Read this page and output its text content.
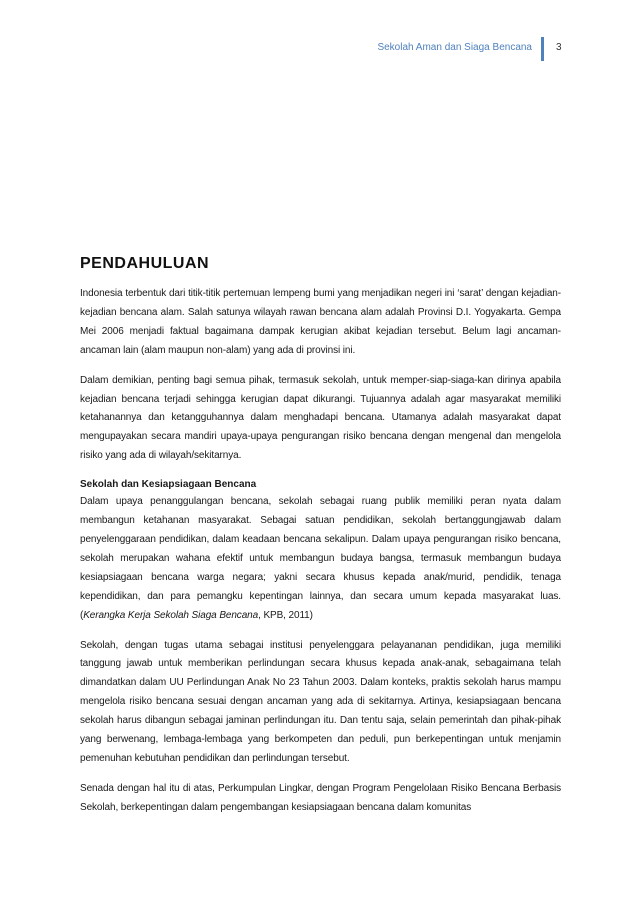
Sekolah Aman dan Siaga Bencana 3
PENDAHULUAN

Indonesia terbentuk dari titik-titik pertemuan lempeng bumi yang menjadikan negeri ini ‘sarat’ dengan kejadian-kejadian bencana alam. Salah satunya wilayah rawan bencana alam adalah Provinsi D.I. Yogyakarta. Gempa Mei 2006 menjadi faktual bagaimana dampak kerugian akibat kejadian tersebut. Belum lagi ancaman-ancaman lain (alam maupun non-alam) yang ada di provinsi ini.

Dalam demikian, penting bagi semua pihak, termasuk sekolah, untuk memper-siap-siaga-kan dirinya apabila kejadian bencana terjadi sehingga kerugian dapat dikurangi. Tujuannya adalah agar masyarakat memiliki ketahanannya dan ketangguhannya dalam menghadapi bencana. Utamanya adalah masyarakat dapat mengupayakan secara mandiri upaya-upaya pengurangan risiko bencana dengan mengenal dan mengelola risiko yang ada di wilayah/sekitarnya.

Sekolah dan Kesiapsiagaan Bencana

Dalam upaya penanggulangan bencana, sekolah sebagai ruang publik memiliki peran nyata dalam membangun ketahanan masyarakat. Sebagai satuan pendidikan, sekolah bertanggungjawab dalam penyelenggaraan pendidikan, dalam keadaan bencana sekalipun. Dalam upaya pengurangan risiko bencana, sekolah merupakan wahana efektif untuk membangun budaya bangsa, termasuk membangun budaya kesiapsiagaan bencana warga negara; yakni secara khusus kepada anak/murid, pendidik, tenaga kependidikan, dan para pemangku kepentingan lainnya, dan secara umum kepada masyarakat luas. (Kerangka Kerja Sekolah Siaga Bencana, KPB, 2011)

Sekolah, dengan tugas utama sebagai institusi penyelenggara pelayananan pendidikan, juga memiliki tanggung jawab untuk memberikan perlindungan secara khusus kepada anak-anak, sebagaimana telah dimandatkan dalam UU Perlindungan Anak No 23 Tahun 2003. Dalam konteks, praktis sekolah harus mampu mengelola risiko bencana sesuai dengan ancaman yang ada di sekitarnya. Artinya, kesiapsiagaan bencana sekolah harus dibangun sebagai jaminan perlindungan itu. Dan tentu saja, selain pemerintah dan pihak-pihak yang berwenang, lembaga-lembaga yang berkompeten dan peduli, pun berkepentingan untuk menjamin pemenuhan kebutuhan pendidikan dan perlindungan tersebut.

Senada dengan hal itu di atas, Perkumpulan Lingkar, dengan Program Pengelolaan Risiko Bencana Berbasis Sekolah, berkepentingan dalam pengembangan kesiapsiagaan bencana dalam komunitas
